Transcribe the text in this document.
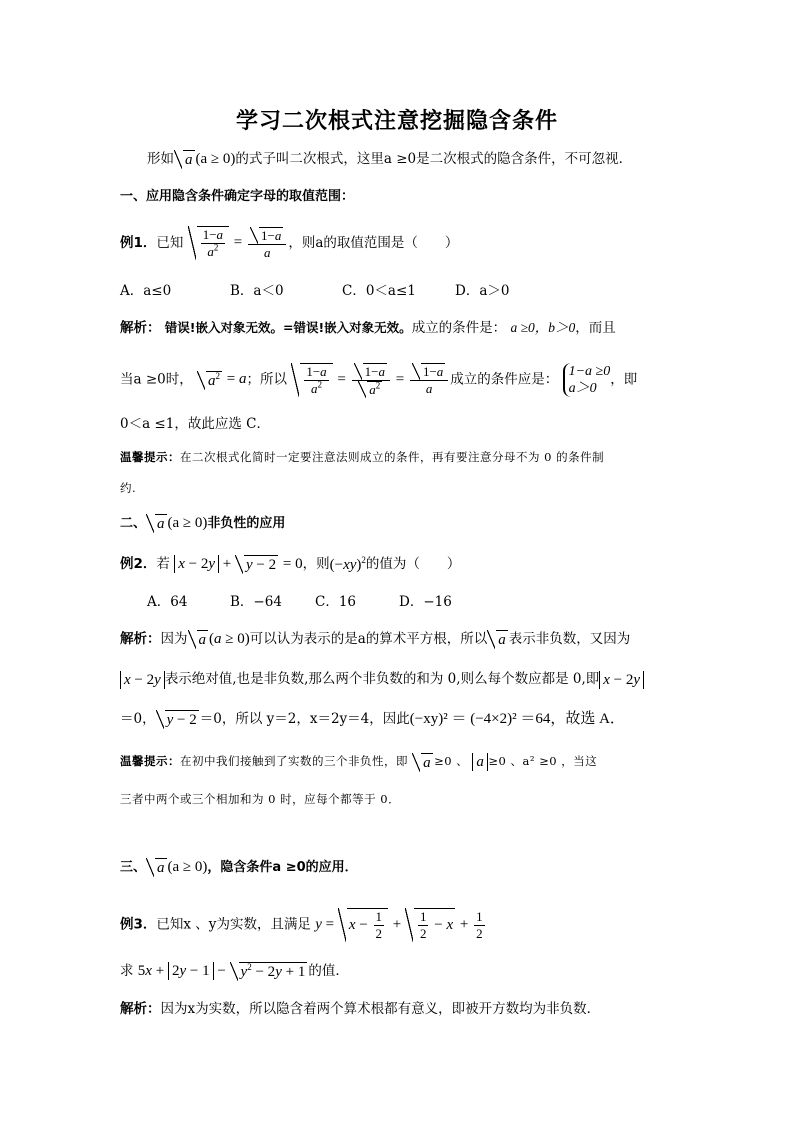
学习二次根式注意挖掘隐含条件
形如 a (a ≥ 0)的式子叫二次根式，这里a ≥0是二次根式的隐含条件，不可忽视．
一、应用隐含条件确定字母的取值范围：
例1．已知 $\frac{1-a}{a^2} = \frac{1-a}{a}$ ，则a的取值范围是（　　）
A．a≤0	B．a＜0	C．0＜a≤1	D．a＞0
解析： 错误!嵌入对象无效。=错误!嵌入对象无效。成立的条件是： a ≥0，b＞0，而且
当a ≥0时， $a^2 = a$；所以 $\frac{1-a}{a^2} = \frac{1-a}{a^2} = \frac{1-a}{a}$ 成立的条件应是： 1−a ≥0
a＞0
，即
0＜a ≤1，故此应选 C．
温馨提示：在二次根式化简时一定要注意法则成立的条件，再有要注意分母不为 0 的条件制
约.
二、 a (a ≥ 0)非负性的应用
例2．若 x − 2y + y − 2 = 0，则$(-xy)^2$的值为（　　）
A．64	B．−64 C．16	D．−16
解析：因为 a (a ≥ 0)可以认为表示的是a的算术平方根，所以 a 表示非负数，又因为
x − 2y 表示绝对值,也是非负数,那么两个非负数的和为 0,则么每个数应都是 0,即 x − 2y
＝0， y − 2 ＝0，所以 y＝2，x＝2y＝4，因此(−xy)² ＝ (−4×2)² ＝64，故选 A．
温馨提示：在初中我们接触到了实数的三个非负性，即 a ≥0 、 a ≥0 、a² ≥0 ，当这
三者中两个或三个相加和为 0 时，应每个都等于 0．
三、 a (a ≥ 0)，隐含条件a ≥0的应用．
例3．已知x 、y为实数，且满足 $y = x - \frac{1}{2} + \frac{1}{2} - x + \frac{1}{2}$
求 $5x + 2y - 1 - y^2 - 2y + 1$ 的值．
解析：因为x为实数，所以隐含着两个算术根都有意义，即被开方数均为非负数．
